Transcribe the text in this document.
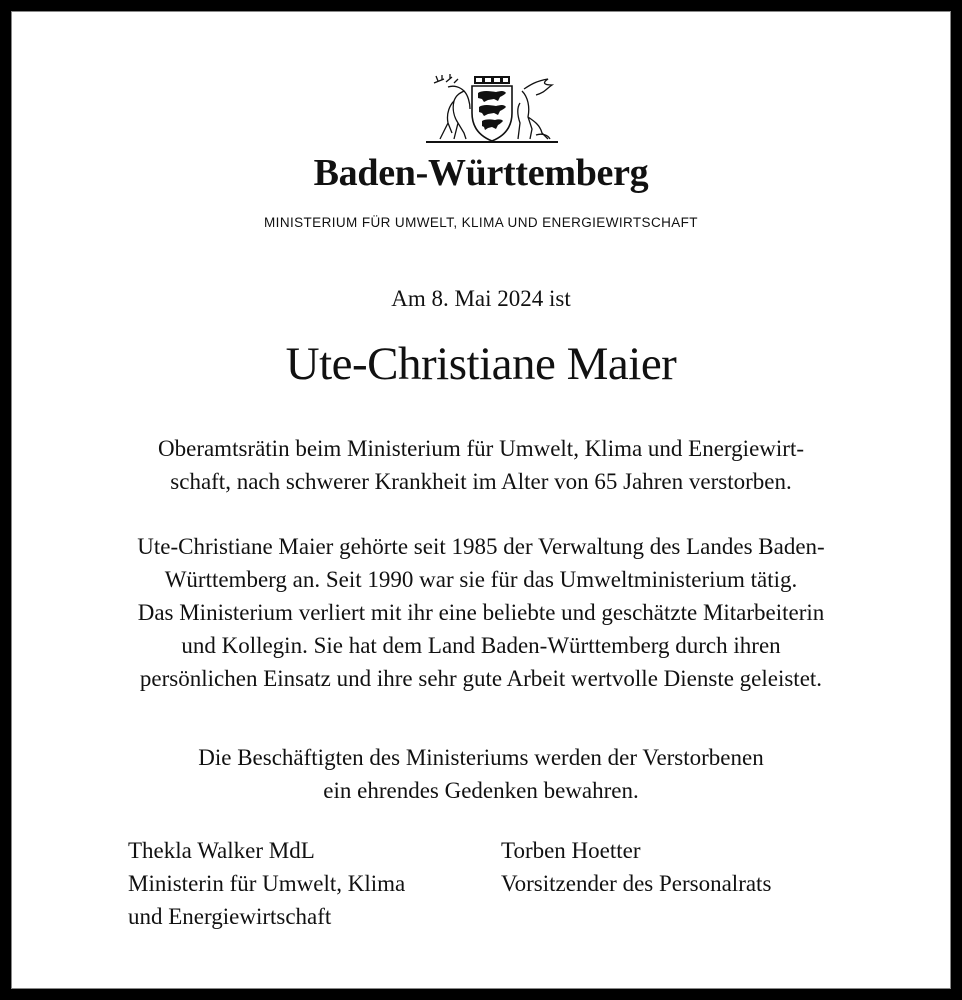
Baden-Württemberg
MINISTERIUM FÜR UMWELT, KLIMA UND ENERGIEWIRTSCHAFT
Am 8. Mai 2024 ist
Ute-Christiane Maier
Oberamtsrätin beim Ministerium für Umwelt, Klima und Energiewirt-
schaft, nach schwerer Krankheit im Alter von 65 Jahren verstorben.
Ute-Christiane Maier gehörte seit 1985 der Verwaltung des Landes Baden-
Württemberg an. Seit 1990 war sie für das Umweltministerium tätig.
Das Ministerium verliert mit ihr eine beliebte und geschätzte Mitarbeiterin
und Kollegin. Sie hat dem Land Baden-Württemberg durch ihren
persönlichen Einsatz und ihre sehr gute Arbeit wertvolle Dienste geleistet.
Die Beschäftigten des Ministeriums werden der Verstorbenen
ein ehrendes Gedenken bewahren.
Thekla Walker MdL
Ministerin für Umwelt, Klima
und Energiewirtschaft
Torben Hoetter
Vorsitzender des Personalrats
